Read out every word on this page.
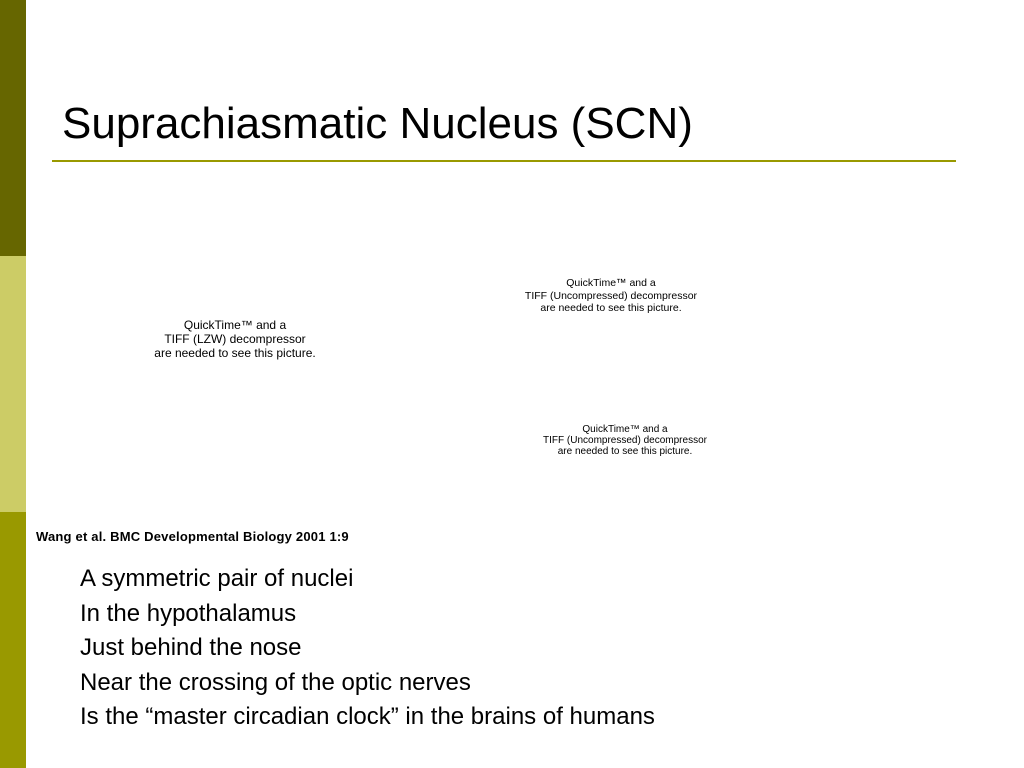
Suprachiasmatic Nucleus (SCN)
QuickTime™ and a
TIFF (LZW) decompressor
are needed to see this picture.
QuickTime™ and a
TIFF (Uncompressed) decompressor
are needed to see this picture.
QuickTime™ and a
TIFF (Uncompressed) decompressor
are needed to see this picture.
Wang et al. BMC Developmental Biology 2001 1:9
A symmetric pair of nuclei
In the hypothalamus
Just behind the nose
Near the crossing of the optic nerves
Is the “master circadian clock” in the brains of humans
